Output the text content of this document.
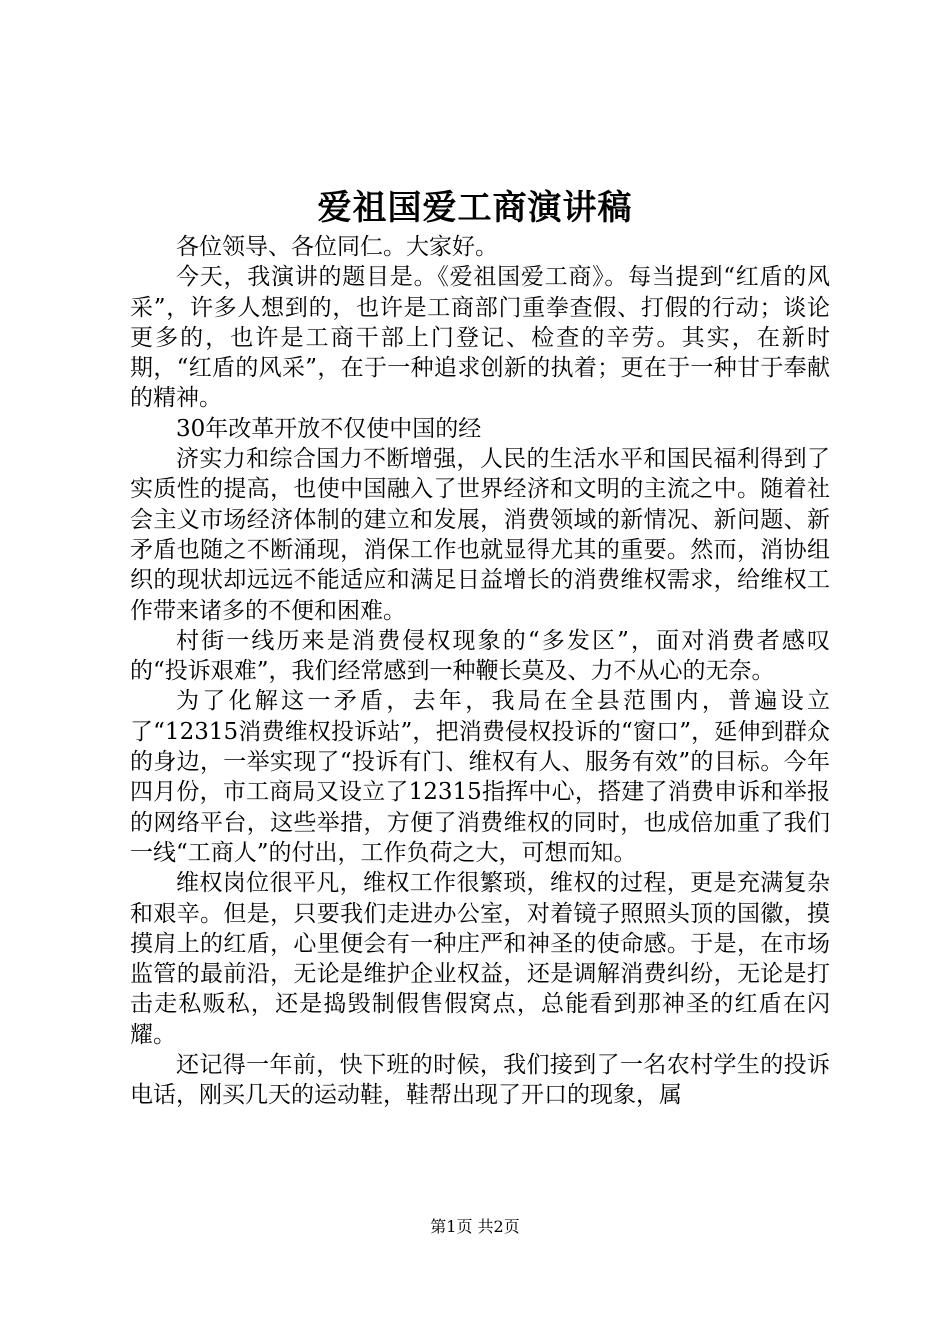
爱祖国爱工商演讲稿

各位领导、各位同仁。大家好。

今天，我演讲的题目是。《爱祖国爱工商》。每当提到“红盾的风采”，许多人想到的，也许是工商部门重拳查假、打假的行动；谈论更多的，也许是工商干部上门登记、检查的辛劳。其实，在新时期，“红盾的风采”，在于一种追求创新的执着；更在于一种甘于奉献的精神。

30年改革开放不仅使中国的经

济实力和综合国力不断增强，人民的生活水平和国民福利得到了实质性的提高，也使中国融入了世界经济和文明的主流之中。随着社会主义市场经济体制的建立和发展，消费领域的新情况、新问题、新矛盾也随之不断涌现，消保工作也就显得尤其的重要。然而，消协组织的现状却远远不能适应和满足日益增长的消费维权需求，给维权工作带来诸多的不便和困难。

村街一线历来是消费侵权现象的“多发区”，面对消费者感叹的“投诉艰难”，我们经常感到一种鞭长莫及、力不从心的无奈。

为了化解这一矛盾，去年，我局在全县范围内，普遍设立了“12315消费维权投诉站”，把消费侵权投诉的“窗口”，延伸到群众的身边，一举实现了“投诉有门、维权有人、服务有效”的目标。今年四月份，市工商局又设立了12315指挥中心，搭建了消费申诉和举报的网络平台，这些举措，方便了消费维权的同时，也成倍加重了我们一线“工商人”的付出，工作负荷之大，可想而知。

维权岗位很平凡，维权工作很繁琐，维权的过程，更是充满复杂和艰辛。但是，只要我们走进办公室，对着镜子照照头顶的国徽，摸摸肩上的红盾，心里便会有一种庄严和神圣的使命感。于是，在市场监管的最前沿，无论是维护企业权益，还是调解消费纠纷，无论是打击走私贩私，还是捣毁制假售假窝点，总能看到那神圣的红盾在闪耀。

还记得一年前，快下班的时候，我们接到了一名农村学生的投诉电话，刚买几天的运动鞋，鞋帮出现了开口的现象，属

第1页 共2页
